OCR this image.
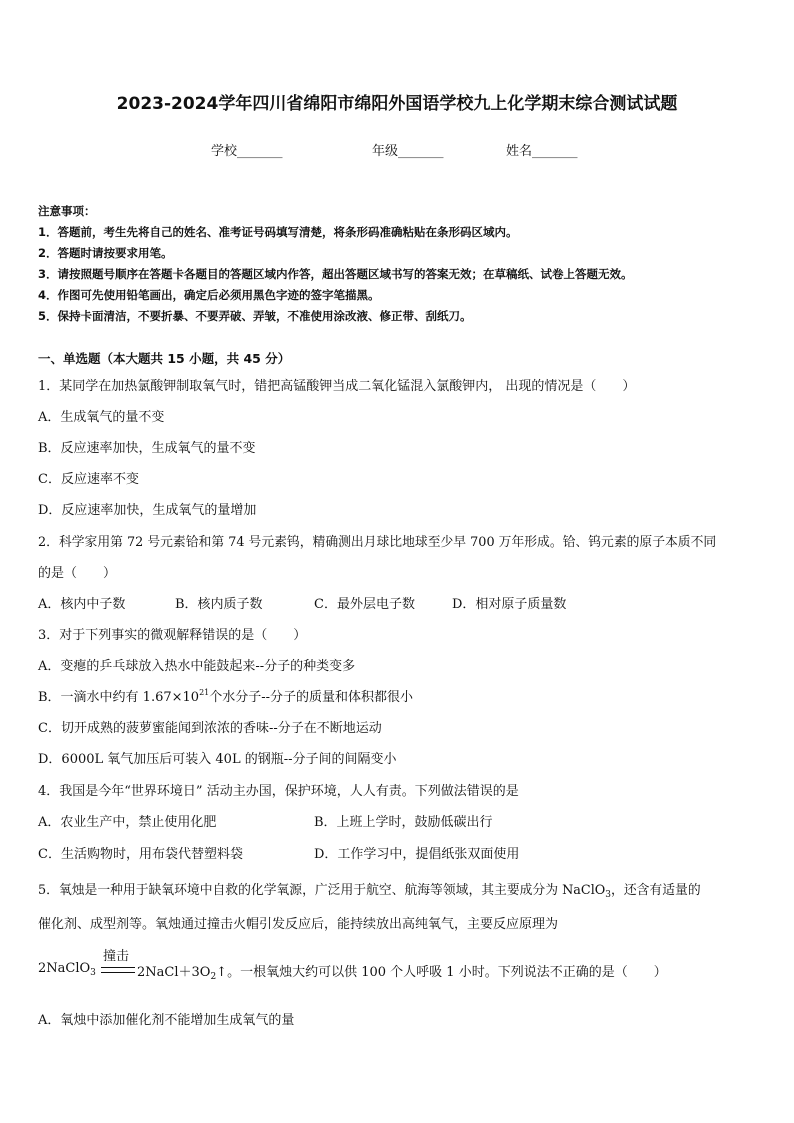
2023-2024学年四川省绵阳市绵阳外国语学校九上化学期末综合测试试题
学校_______	年级_______	姓名_______
注意事项：
1．答题前，考生先将自己的姓名、准考证号码填写清楚，将条形码准确粘贴在条形码区域内。
2．答题时请按要求用笔。
3．请按照题号顺序在答题卡各题目的答题区域内作答，超出答题区域书写的答案无效；在草稿纸、试卷上答题无效。
4．作图可先使用铅笔画出，确定后必须用黑色字迹的签字笔描黑。
5．保持卡面清洁，不要折暴、不要弄破、弄皱，不准使用涂改液、修正带、刮纸刀。
一、单选题（本大题共 15 小题，共 45 分）
1．某同学在加热氯酸钾制取氧气时，错把高锰酸钾当成二氧化锰混入氯酸钾内， 出现的情况是（　　）
A．生成氧气的量不变
B．反应速率加快，生成氧气的量不变
C．反应速率不变
D．反应速率加快，生成氧气的量增加
2．科学家用第 72 号元素铪和第 74 号元素钨，精确测出月球比地球至少早 700 万年形成。铪、钨元素的原子本质不同
的是（　　）
A．核内中子数	B．核内质子数	C．最外层电子数	D．相对原子质量数
3．对于下列事实的微观解释错误的是（　　）
A．变瘪的乒乓球放入热水中能鼓起来--分子的种类变多
B．一滴水中约有 $1.67\times 10^{21}$个水分子--分子的质量和体积都很小
C．切开成熟的菠萝蜜能闻到浓浓的香味--分子在不断地运动
D．6000L 氧气加压后可装入 40L 的钢瓶--分子间的间隔变小
4．我国是今年“世界环境日” 活动主办国，保护环境，人人有责。下列做法错误的是
A．农业生产中，禁止使用化肥	B．上班上学时，鼓励低碳出行
C．生活购物时，用布袋代替塑料袋	D．工作学习中，提倡纸张双面使用
5．氧烛是一种用于缺氧环境中自救的化学氧源，广泛用于航空、航海等领域，其主要成分为 NaClO$_3$，还含有适量的
催化剂、成型剂等。氧烛通过撞击火帽引发反应后，能持续放出高纯氧气，主要反应原理为
撞击
2NaClO$_3$	$2NaCl+3O_2↑$。一根氧烛大约可以供 100 个人呼吸 1 小时。下列说法不正确的是（　　）
A．氧烛中添加催化剂不能增加生成氧气的量
